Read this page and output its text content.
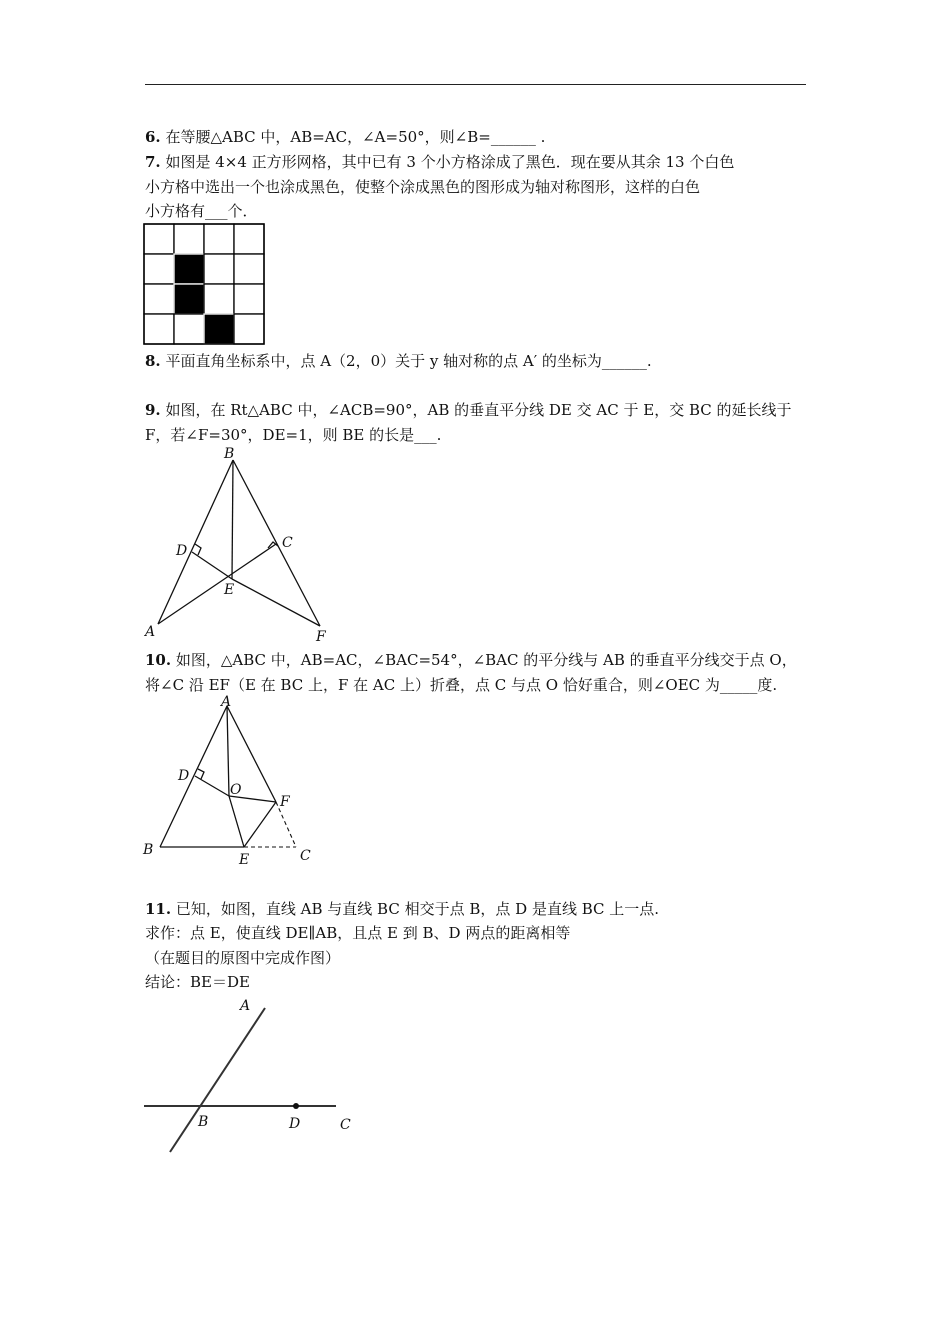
6. 在等腰△ABC 中，AB=AC，∠A=50°，则∠B=______ .
7. 如图是 4×4 正方形网格，其中已有 3 个小方格涂成了黑色．现在要从其余 13 个白色
小方格中选出一个也涂成黑色，使整个涂成黑色的图形成为轴对称图形，这样的白色
小方格有___个．
8. 平面直角坐标系中，点 A（2，0）关于 y 轴对称的点 A′ 的坐标为______.
9. 如图，在 Rt△ABC 中，∠ACB=90°，AB 的垂直平分线 DE 交 AC 于 E，交 BC 的延长线于
F，若∠F=30°，DE=1，则 BE 的长是___.
B
D	C
E
A	F
10. 如图，△ABC 中，AB=AC，∠BAC=54°，∠BAC 的平分线与 AB 的垂直平分线交于点 O，
将∠C 沿 EF（E 在 BC 上，F 在 AC 上）折叠，点 C 与点 O 恰好重合，则∠OEC 为_____度.
A
D
O
F
B
E	C
11. 已知，如图，直线 AB 与直线 BC 相交于点 B，点 D 是直线 BC 上一点.
求作：点 E，使直线 DE∥AB，且点 E 到 B、D 两点的距离相等
（在题目的原图中完成作图）
结论：BE＝DE
A
B	D	C
